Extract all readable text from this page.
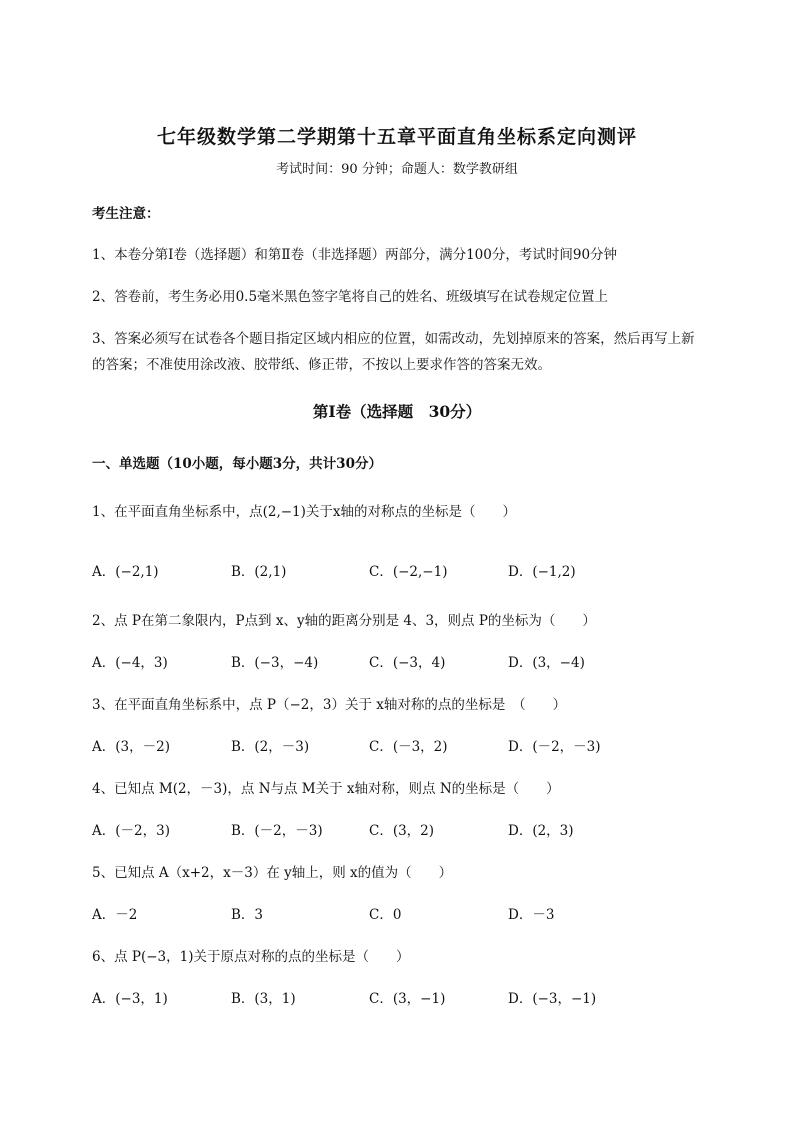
七年级数学第二学期第十五章平面直角坐标系定向测评
考试时间：90 分钟；命题人：数学教研组
考生注意：
1、本卷分第I卷（选择题）和第Ⅱ卷（非选择题）两部分，满分100分，考试时间90分钟
2、答卷前，考生务必用0.5毫米黑色签字笔将自己的姓名、班级填写在试卷规定位置上
3、答案必须写在试卷各个题目指定区域内相应的位置，如需改动，先划掉原来的答案，然后再写上新
的答案；不准使用涂改液、胶带纸、修正带，不按以上要求作答的答案无效。
第I卷（选择题　30分）
一、单选题（10小题，每小题3分，共计30分）
1、在平面直角坐标系中，点(2,−1)关于x轴的对称点的坐标是（　　）
A．(−2,1)	B．(2,1)	C．(−2,−1)	D．(−1,2)
2、点 P在第二象限内，P点到 x、y轴的距离分别是 4、3，则点 P的坐标为（　　）
A．(−4，3)	B．(−3，−4)	C．(−3，4)	D．(3，−4)
3、在平面直角坐标系中，点 P（−2，3）关于 x轴对称的点的坐标是　（　　）
A．(3，－2)	B．(2，－3)	C．(－3，2)	D．(－2，－3)
4、已知点 M(2，－3)，点 N与点 M关于 x轴对称，则点 N的坐标是（　　）
A．(－2，3)	B．(－2，－3)	C．(3，2)	D．(2，3)
5、已知点 A（x+2，x－3）在 y轴上，则 x的值为（　　）
A．－2	B．3	C．0	D．－3
6、点 P(−3，1)关于原点对称的点的坐标是（　　）
A．(−3，1)	B．(3，1)	C．(3，−1)	D．(−3，−1)
